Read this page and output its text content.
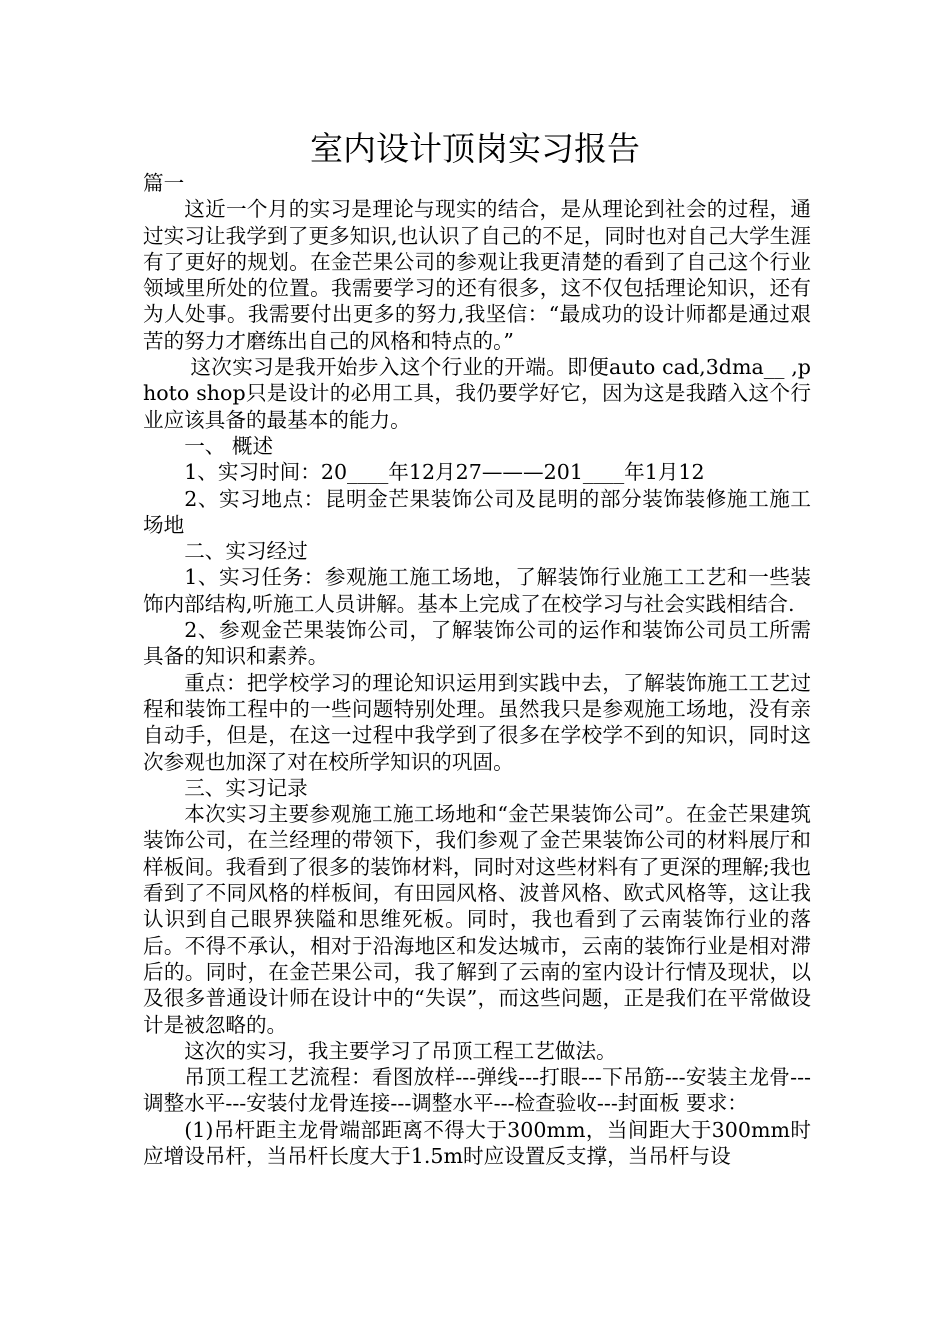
室内设计顶岗实习报告

篇一

这近一个月的实习是理论与现实的结合，是从理论到社会的过程，通过实习让我学到了更多知识,也认识了自己的不足，同时也对自己大学生涯有了更好的规划。在金芒果公司的参观让我更清楚的看到了自己这个行业领域里所处的位置。我需要学习的还有很多，这不仅包括理论知识，还有为人处事。我需要付出更多的努力,我坚信：“最成功的设计师都是通过艰苦的努力才磨练出自己的风格和特点的。”

这次实习是我开始步入这个行业的开端。即便auto cad,3dma__ ,photo shop只是设计的必用工具，我仍要学好它，因为这是我踏入这个行业应该具备的最基本的能力。

一、 概述

1、实习时间：20____年12月27———201____年1月12

2、实习地点：昆明金芒果装饰公司及昆明的部分装饰装修施工施工场地

二、实习经过

1、实习任务：参观施工施工场地，了解装饰行业施工工艺和一些装饰内部结构,听施工人员讲解。基本上完成了在校学习与社会实践相结合.

2、参观金芒果装饰公司，了解装饰公司的运作和装饰公司员工所需具备的知识和素养。

重点：把学校学习的理论知识运用到实践中去，了解装饰施工工艺过程和装饰工程中的一些问题特别处理。虽然我只是参观施工场地，没有亲自动手，但是，在这一过程中我学到了很多在学校学不到的知识，同时这次参观也加深了对在校所学知识的巩固。

三、实习记录

本次实习主要参观施工施工场地和“金芒果装饰公司”。在金芒果建筑装饰公司，在兰经理的带领下，我们参观了金芒果装饰公司的材料展厅和样板间。我看到了很多的装饰材料，同时对这些材料有了更深的理解;我也看到了不同风格的样板间，有田园风格、波普风格、欧式风格等，这让我认识到自己眼界狭隘和思维死板。同时，我也看到了云南装饰行业的落后。不得不承认，相对于沿海地区和发达城市，云南的装饰行业是相对滞后的。同时，在金芒果公司，我了解到了云南的室内设计行情及现状，以及很多普通设计师在设计中的“失误”，而这些问题，正是我们在平常做设计是被忽略的。

这次的实习，我主要学习了吊顶工程工艺做法。

吊顶工程工艺流程：看图放样---弹线---打眼---下吊筋---安装主龙骨---调整水平---安装付龙骨连接---调整水平---检查验收---封面板 要求：

(1)吊杆距主龙骨端部距离不得大于300mm，当间距大于300mm时应增设吊杆，当吊杆长度大于1.5m时应设置反支撑，当吊杆与设
